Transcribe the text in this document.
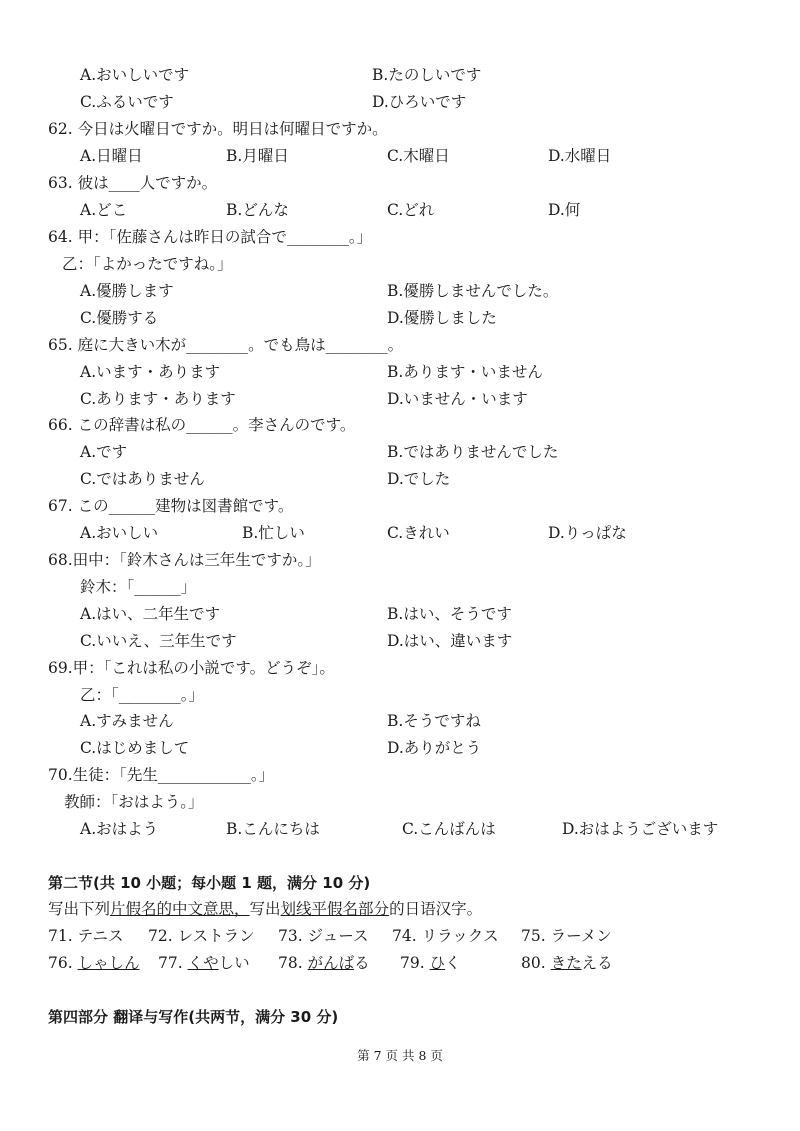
A.おいしいです	B.たのしいです
C.ふるいです	D.ひろいです
62. 今日は火曜日ですか。明日は何曜日ですか。
A.日曜日	B.月曜日	C.木曜日	D.水曜日
63. 彼は____人ですか。
A.どこ	B.どんな	C.どれ	D.何
64. 甲：「佐藤さんは昨日の試合で________。」
乙：「よかったですね。」
A.優勝します	B.優勝しませんでした。
C.優勝する	D.優勝しました
65. 庭に大きい木が________。でも鳥は________。
A.います・あります	B.あります・いません
C.あります・あります	D.いません・います
66. この辞書は私の______。李さんのです。
A.です	B.ではありませんでした
C.ではありません	D.でした
67. この______建物は図書館です。
A.おいしい	B.忙しい	C.きれい	D.りっぱな
68.田中：「鈴木さんは三年生ですか。」
鈴木：「______」
A.はい、二年生です	B.はい、そうです
C.いいえ、三年生です	D.はい、違います
69.甲：「これは私の小説です。どうぞ」。
乙：「________。」
A.すみません	B.そうですね
C.はじめまして	D.ありがとう
70.生徒：「先生____________。」
教師：「おはよう。」
A.おはよう	B.こんにちは	C.こんばんは	D.おはようございます
第二节(共 10 小题；每小题 1 题，满分 10 分)
写出下列片假名的中文意思，写出划线平假名部分的日语汉字。
71. テニス 72. レストラン 73. ジュース 74. リラックス 75. ラーメン
76. しゃしん 77. くやしい 78. がんばる 79. ひく	80. きたえる
第四部分 翻译与写作(共两节，满分 30 分)
第 7 页 共 8 页
